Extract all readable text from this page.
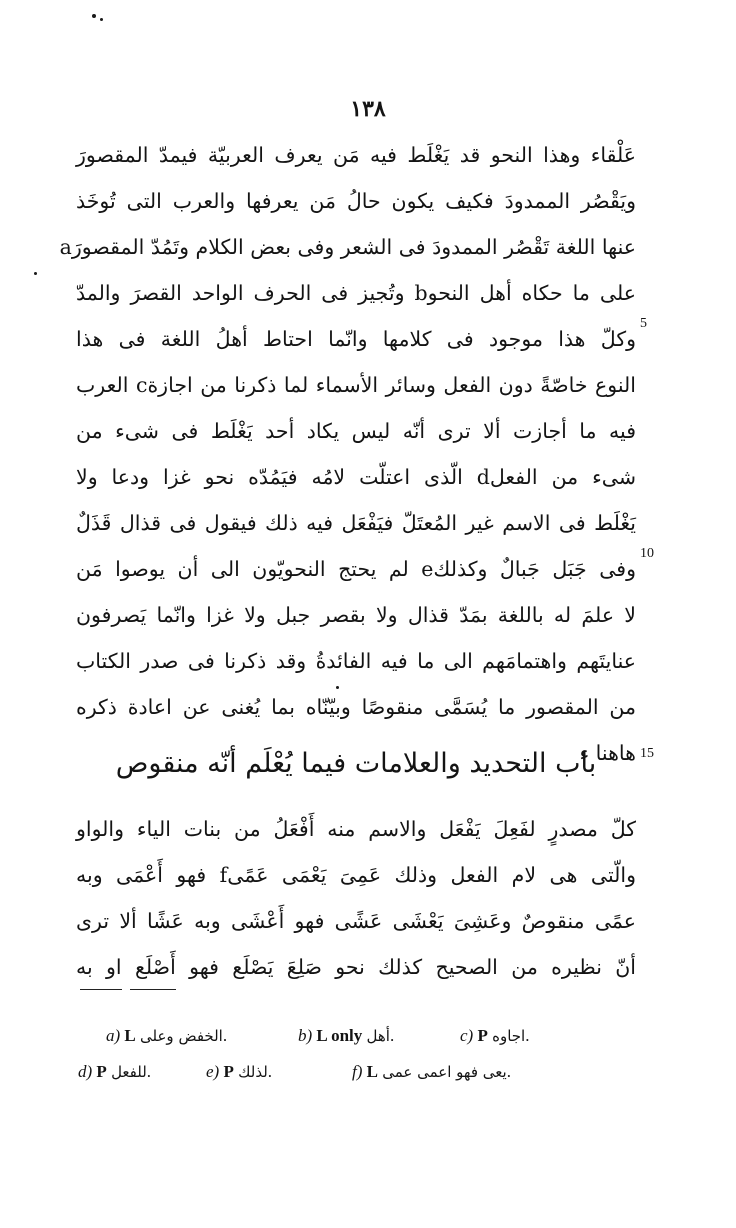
١٣٨
عَلْقاء وهذا النحو قد يَغْلَط فيه مَن يعرف العربيّة فيمدّ المقصورَ
ويَقْصُر الممدودَ فكيف يكون حالُ مَن يعرفها والعرب التى تُوخَذ
عنها اللغة تَقْصُر الممدودَ فى الشعر وفى بعض الكلام وتَمُدّ المقصورَa
على ما حكاه أهل النحوb وتُجيز فى الحرف الواحد القصرَ والمدّ
وكلّ هذا موجود فى كلامها وانّما احتاط أهلُ اللغة فى هذا
النوع خاصّةً دون الفعل وسائر الأسماء لما ذكرنا من اجازةc العرب
فيه ما أجازت ألا ترى أنّه ليس يكاد أحد يَغْلَط فى شىء من
شىء من الفعلd الّذى اعتلّت لامُه فيَمُدّه نحو غزا ودعا ولا
يَغْلَط فى الاسم غير المُعتَلّ فيَفْعَل فيه ذلك فيقول فى قذال قَذَلٌ
وفى جَبَل جَبالٌ وكذلكe لم يحتج النحويّون الى أن يوصوا مَن
لا علمَ له باللغة بمَدّ قذال ولا بقصر جبل ولا غزا وانّما يَصرفون
عنايتَهم واهتمامَهم الى ما فيه الفائدةُ وقد ذكرنا فى صدر الكتاب
من المقصور ما يُسَمَّى منقوصًا وبيّنّاه بما يُغنى عن اعادة ذكره
هاهنا ء
5
10
15
باب التحديد والعلامات فيما يُعْلَم أنّه منقوص
كلّ مصدرٍ لفَعِلَ يَفْعَل والاسم منه أَفْعَلُ من بنات الياء والواو
والّتى هى لام الفعل وذلك عَمِىَ يَعْمَى عَمًىf فهو أَعْمَى وبه
عمًى منقوصٌ وعَشِىَ يَعْشَى عَشًى فهو أَعْشَى وبه عَشًا ألا ترى
أنّ نظيره من الصحيح كذلك نحو صَلِعَ يَصْلَع فهو أَصْلَع او به
a) L الخفض وعلى.	b) L only أهل.	c) P اجاوه.
d) P للفعل.	e) P لذلك.	f) L يعى فهو اعمى عمى.
